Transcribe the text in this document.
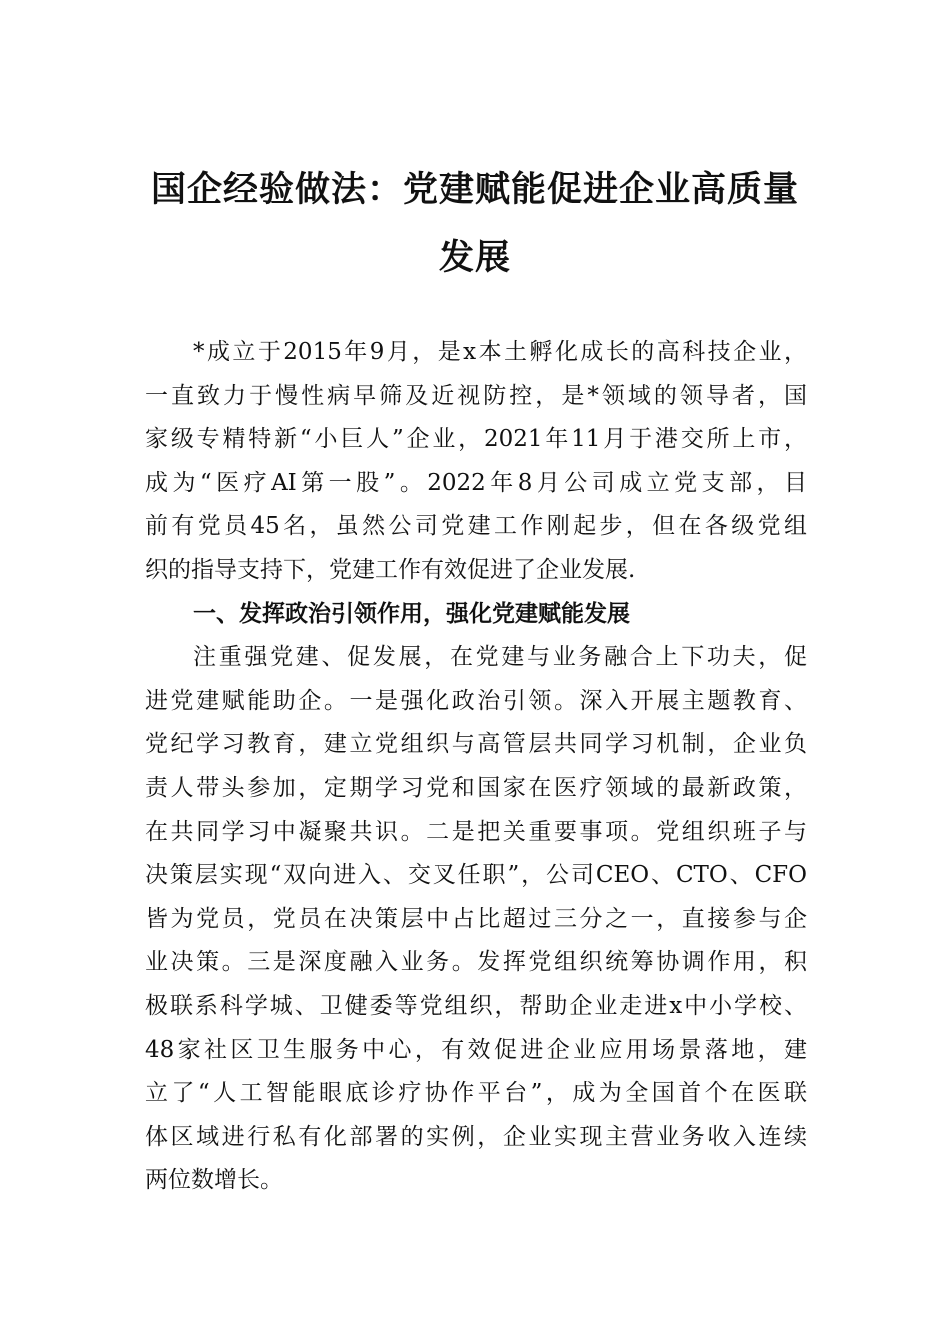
国企经验做法：党建赋能促进企业高质量
发展
*成立于2015年9月，是x本土孵化成长的高科技企业，
一直致力于慢性病早筛及近视防控，是*领域的领导者，国
家级专精特新“小巨人”企业，2021年11月于港交所上市，
成为“医疗AI第一股”。2022年8月公司成立党支部，目
前有党员45名，虽然公司党建工作刚起步，但在各级党组
织的指导支持下，党建工作有效促进了企业发展.
一、发挥政治引领作用，强化党建赋能发展
注重强党建、促发展，在党建与业务融合上下功夫，促
进党建赋能助企。一是强化政治引领。深入开展主题教育、
党纪学习教育，建立党组织与高管层共同学习机制，企业负
责人带头参加，定期学习党和国家在医疗领域的最新政策，
在共同学习中凝聚共识。二是把关重要事项。党组织班子与
决策层实现“双向进入、交叉任职”，公司CEO、CTO、CFO
皆为党员，党员在决策层中占比超过三分之一，直接参与企
业决策。三是深度融入业务。发挥党组织统筹协调作用，积
极联系科学城、卫健委等党组织，帮助企业走进x中小学校、
48家社区卫生服务中心，有效促进企业应用场景落地，建
立了“人工智能眼底诊疗协作平台”，成为全国首个在医联
体区域进行私有化部署的实例，企业实现主营业务收入连续
两位数增长。
